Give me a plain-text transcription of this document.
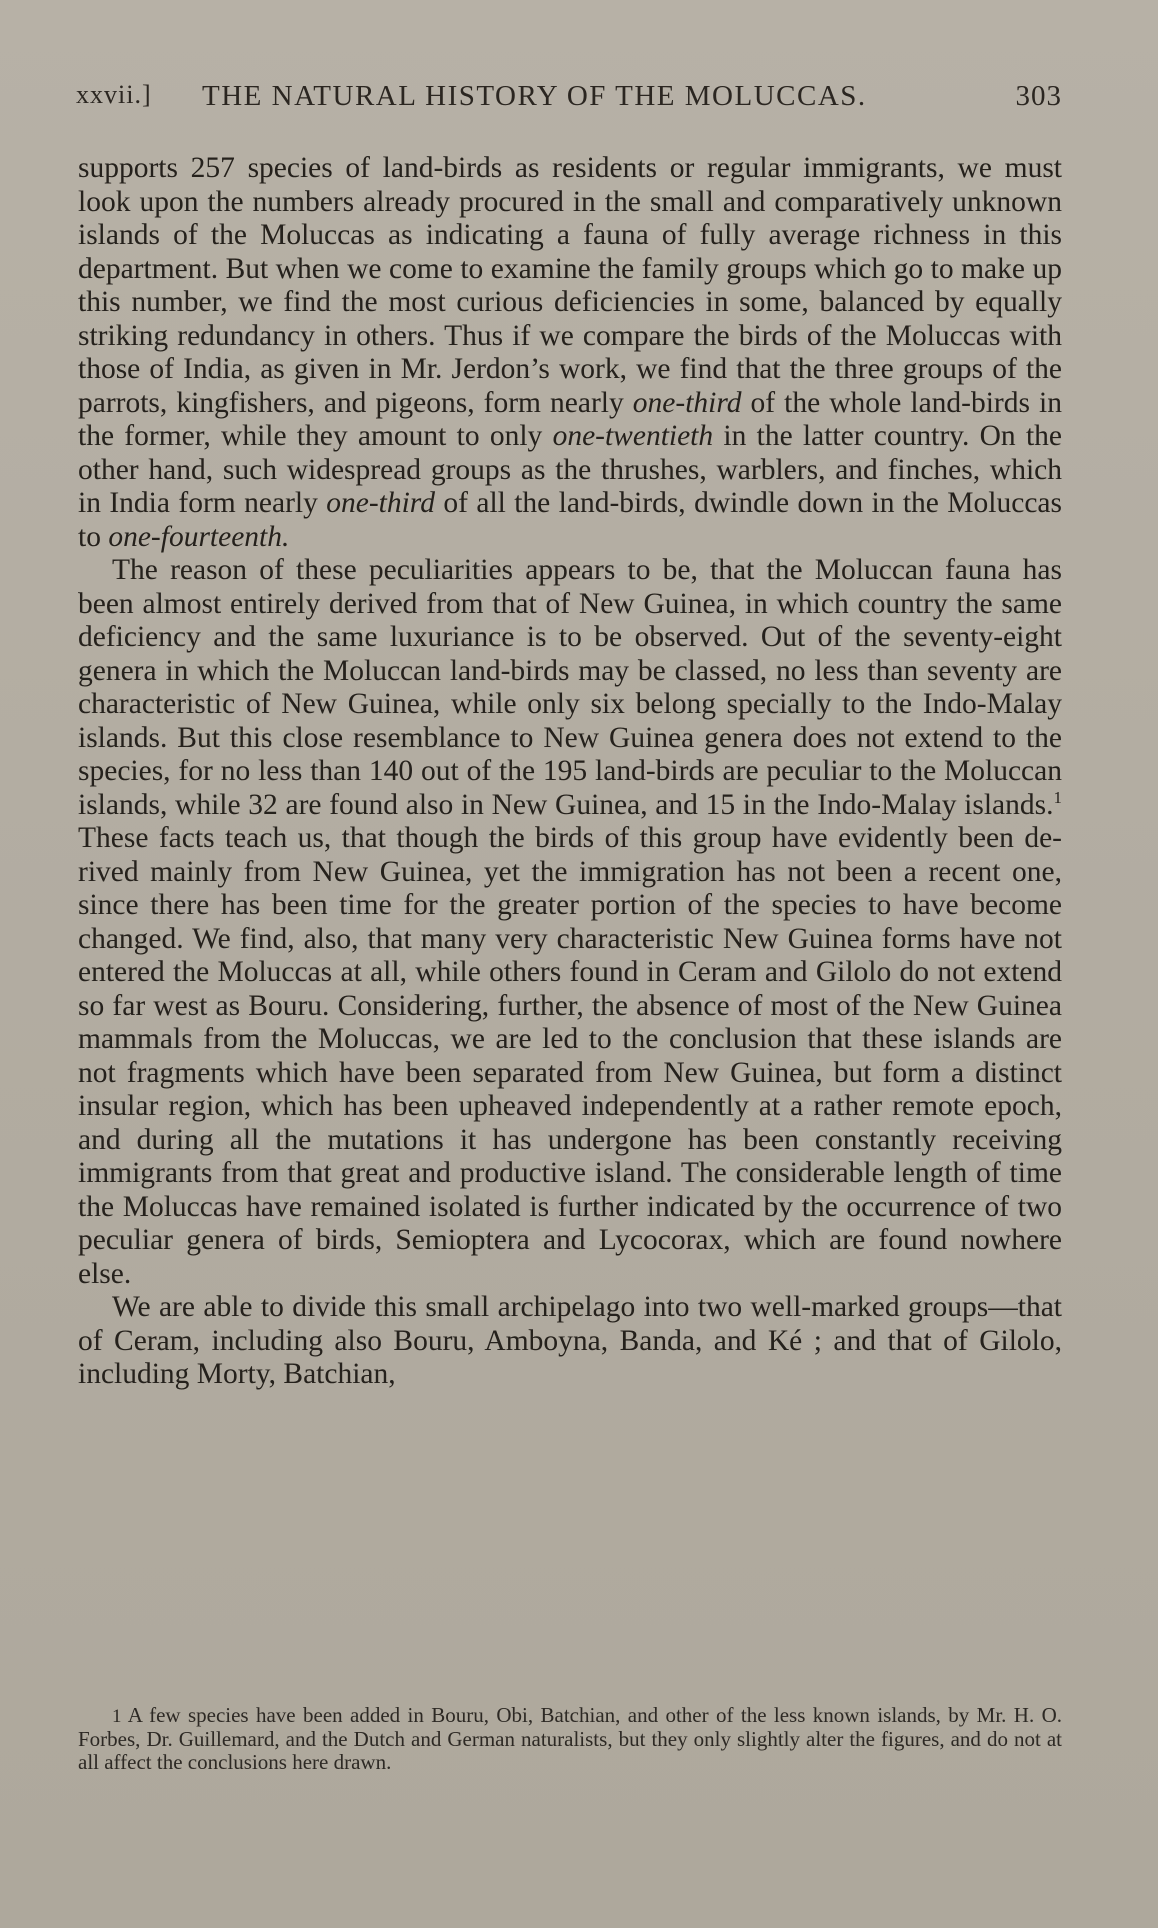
xxvii.] THE NATURAL HISTORY OF THE MOLUCCAS.	303

supports 257 species of land-birds as residents or regular immigrants, we must look upon the numbers already procured in the small and comparatively unknown islands of the Moluccas as indicating a fauna of fully average richness in this department. But when we come to examine the family groups which go to make up this number, we find the most curious deficiencies in some, balanced by equally striking redundancy in others. Thus if we compare the birds of the Moluccas with those of India, as given in Mr. Jerdon’s work, we find that the three groups of the parrots, kingfishers, and pigeons, form nearly one-third of the whole land-birds in the former, while they amount to only one-twentieth in the latter country. On the other hand, such widespread groups as the thrushes, warblers, and finches, which in India form nearly one-third of all the land-birds, dwindle down in the Moluccas to one-fourteenth.

The reason of these peculiarities appears to be, that the Moluccan fauna has been almost entirely derived from that of New Guinea, in which country the same deficiency and the same luxuriance is to be observed. Out of the seventy-eight genera in which the Moluccan land-birds may be classed, no less than seventy are characteristic of New Guinea, while only six belong specially to the Indo-Malay islands. But this close resemblance to New Guinea genera does not extend to the species, for no less than 140 out of the 195 land-birds are peculiar to the Moluccan islands, while 32 are found also in New Guinea, and 15 in the Indo-Malay islands.$^1$ These facts teach us, that though the birds of this group have evidently been derived mainly from New Guinea, yet the immigration has not been a recent one, since there has been time for the greater portion of the species to have become changed. We find, also, that many very characteristic New Guinea forms have not entered the Moluccas at all, while others found in Ceram and Gilolo do not extend so far west as Bouru. Considering, further, the absence of most of the New Guinea mammals from the Moluccas, we are led to the conclusion that these islands are not fragments which have been separated from New Guinea, but form a distinct insular region, which has been upheaved independently at a rather remote epoch, and during all the mutations it has undergone has been constantly receiving immigrants from that great and productive island. The considerable length of time the Moluccas have remained isolated is further indicated by the occurrence of two peculiar genera of birds, Semioptera and Lycocorax, which are found nowhere else.

We are able to divide this small archipelago into two well-marked groups—that of Ceram, including also Bouru, Amboyna, Banda, and Ké ; and that of Gilolo, including Morty, Batchian,

1 A few species have been added in Bouru, Obi, Batchian, and other of the less known islands, by Mr. H. O. Forbes, Dr. Guillemard, and the Dutch and German naturalists, but they only slightly alter the figures, and do not at all affect the conclusions here drawn.
